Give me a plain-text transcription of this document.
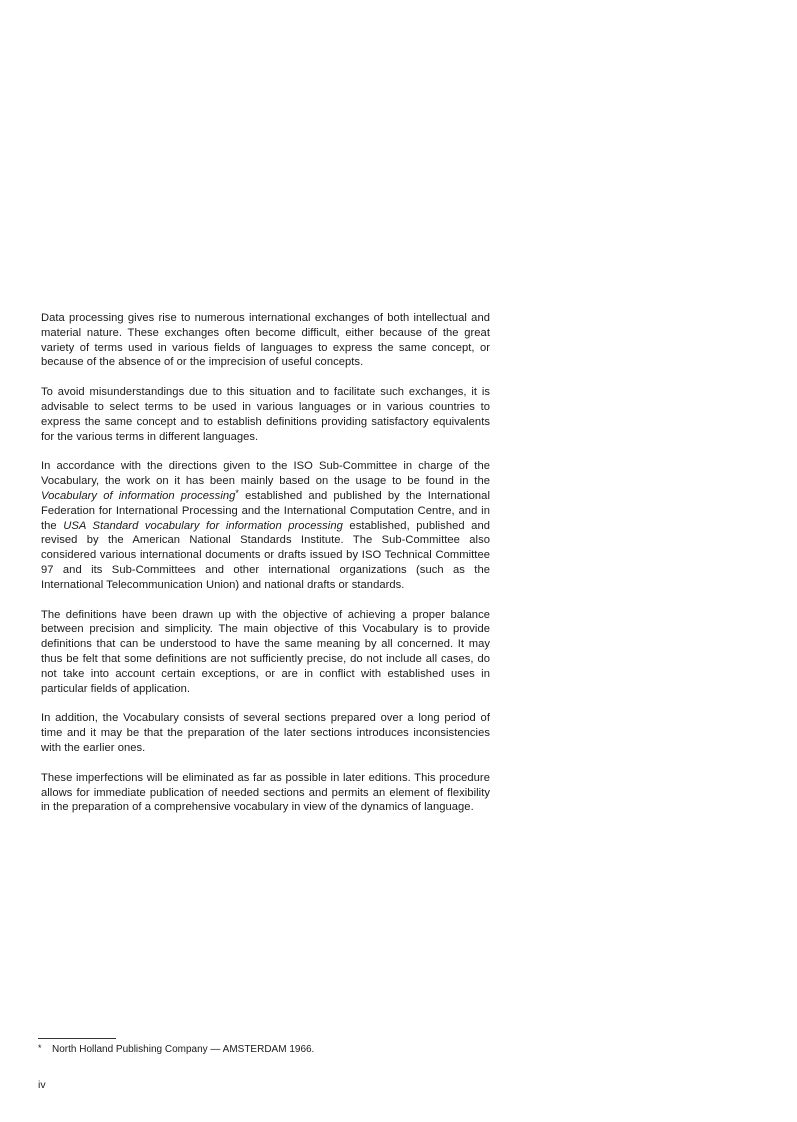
Data processing gives rise to numerous international exchanges of both intellectual and material nature. These exchanges often become difficult, either because of the great variety of terms used in various fields of languages to express the same concept, or because of the absence of or the imprecision of useful concepts.

To avoid misunderstandings due to this situation and to facilitate such exchanges, it is advisable to select terms to be used in various languages or in various countries to express the same concept and to establish definitions providing satisfactory equivalents for the various terms in different languages.

In accordance with the directions given to the ISO Sub-Committee in charge of the Vocabulary, the work on it has been mainly based on the usage to be found in the Vocabulary of information processing* established and published by the International Federation for International Processing and the International Computation Centre, and in the USA Standard vocabulary for information processing established, published and revised by the American National Standards Institute. The Sub-Committee also considered various international documents or drafts issued by ISO Technical Committee 97 and its Sub-Committees and other international organizations (such as the International Telecommunication Union) and national drafts or standards.

The definitions have been drawn up with the objective of achieving a proper balance between precision and simplicity. The main objective of this Vocabulary is to provide definitions that can be understood to have the same meaning by all concerned. It may thus be felt that some definitions are not sufficiently precise, do not include all cases, do not take into account certain exceptions, or are in conflict with established uses in particular fields of application.

In addition, the Vocabulary consists of several sections prepared over a long period of time and it may be that the preparation of the later sections introduces inconsistencies with the earlier ones.

These imperfections will be eliminated as far as possible in later editions. This procedure allows for immediate publication of needed sections and permits an element of flexibility in the preparation of a comprehensive vocabulary in view of the dynamics of language.

* North Holland Publishing Company — AMSTERDAM 1966.
iv
